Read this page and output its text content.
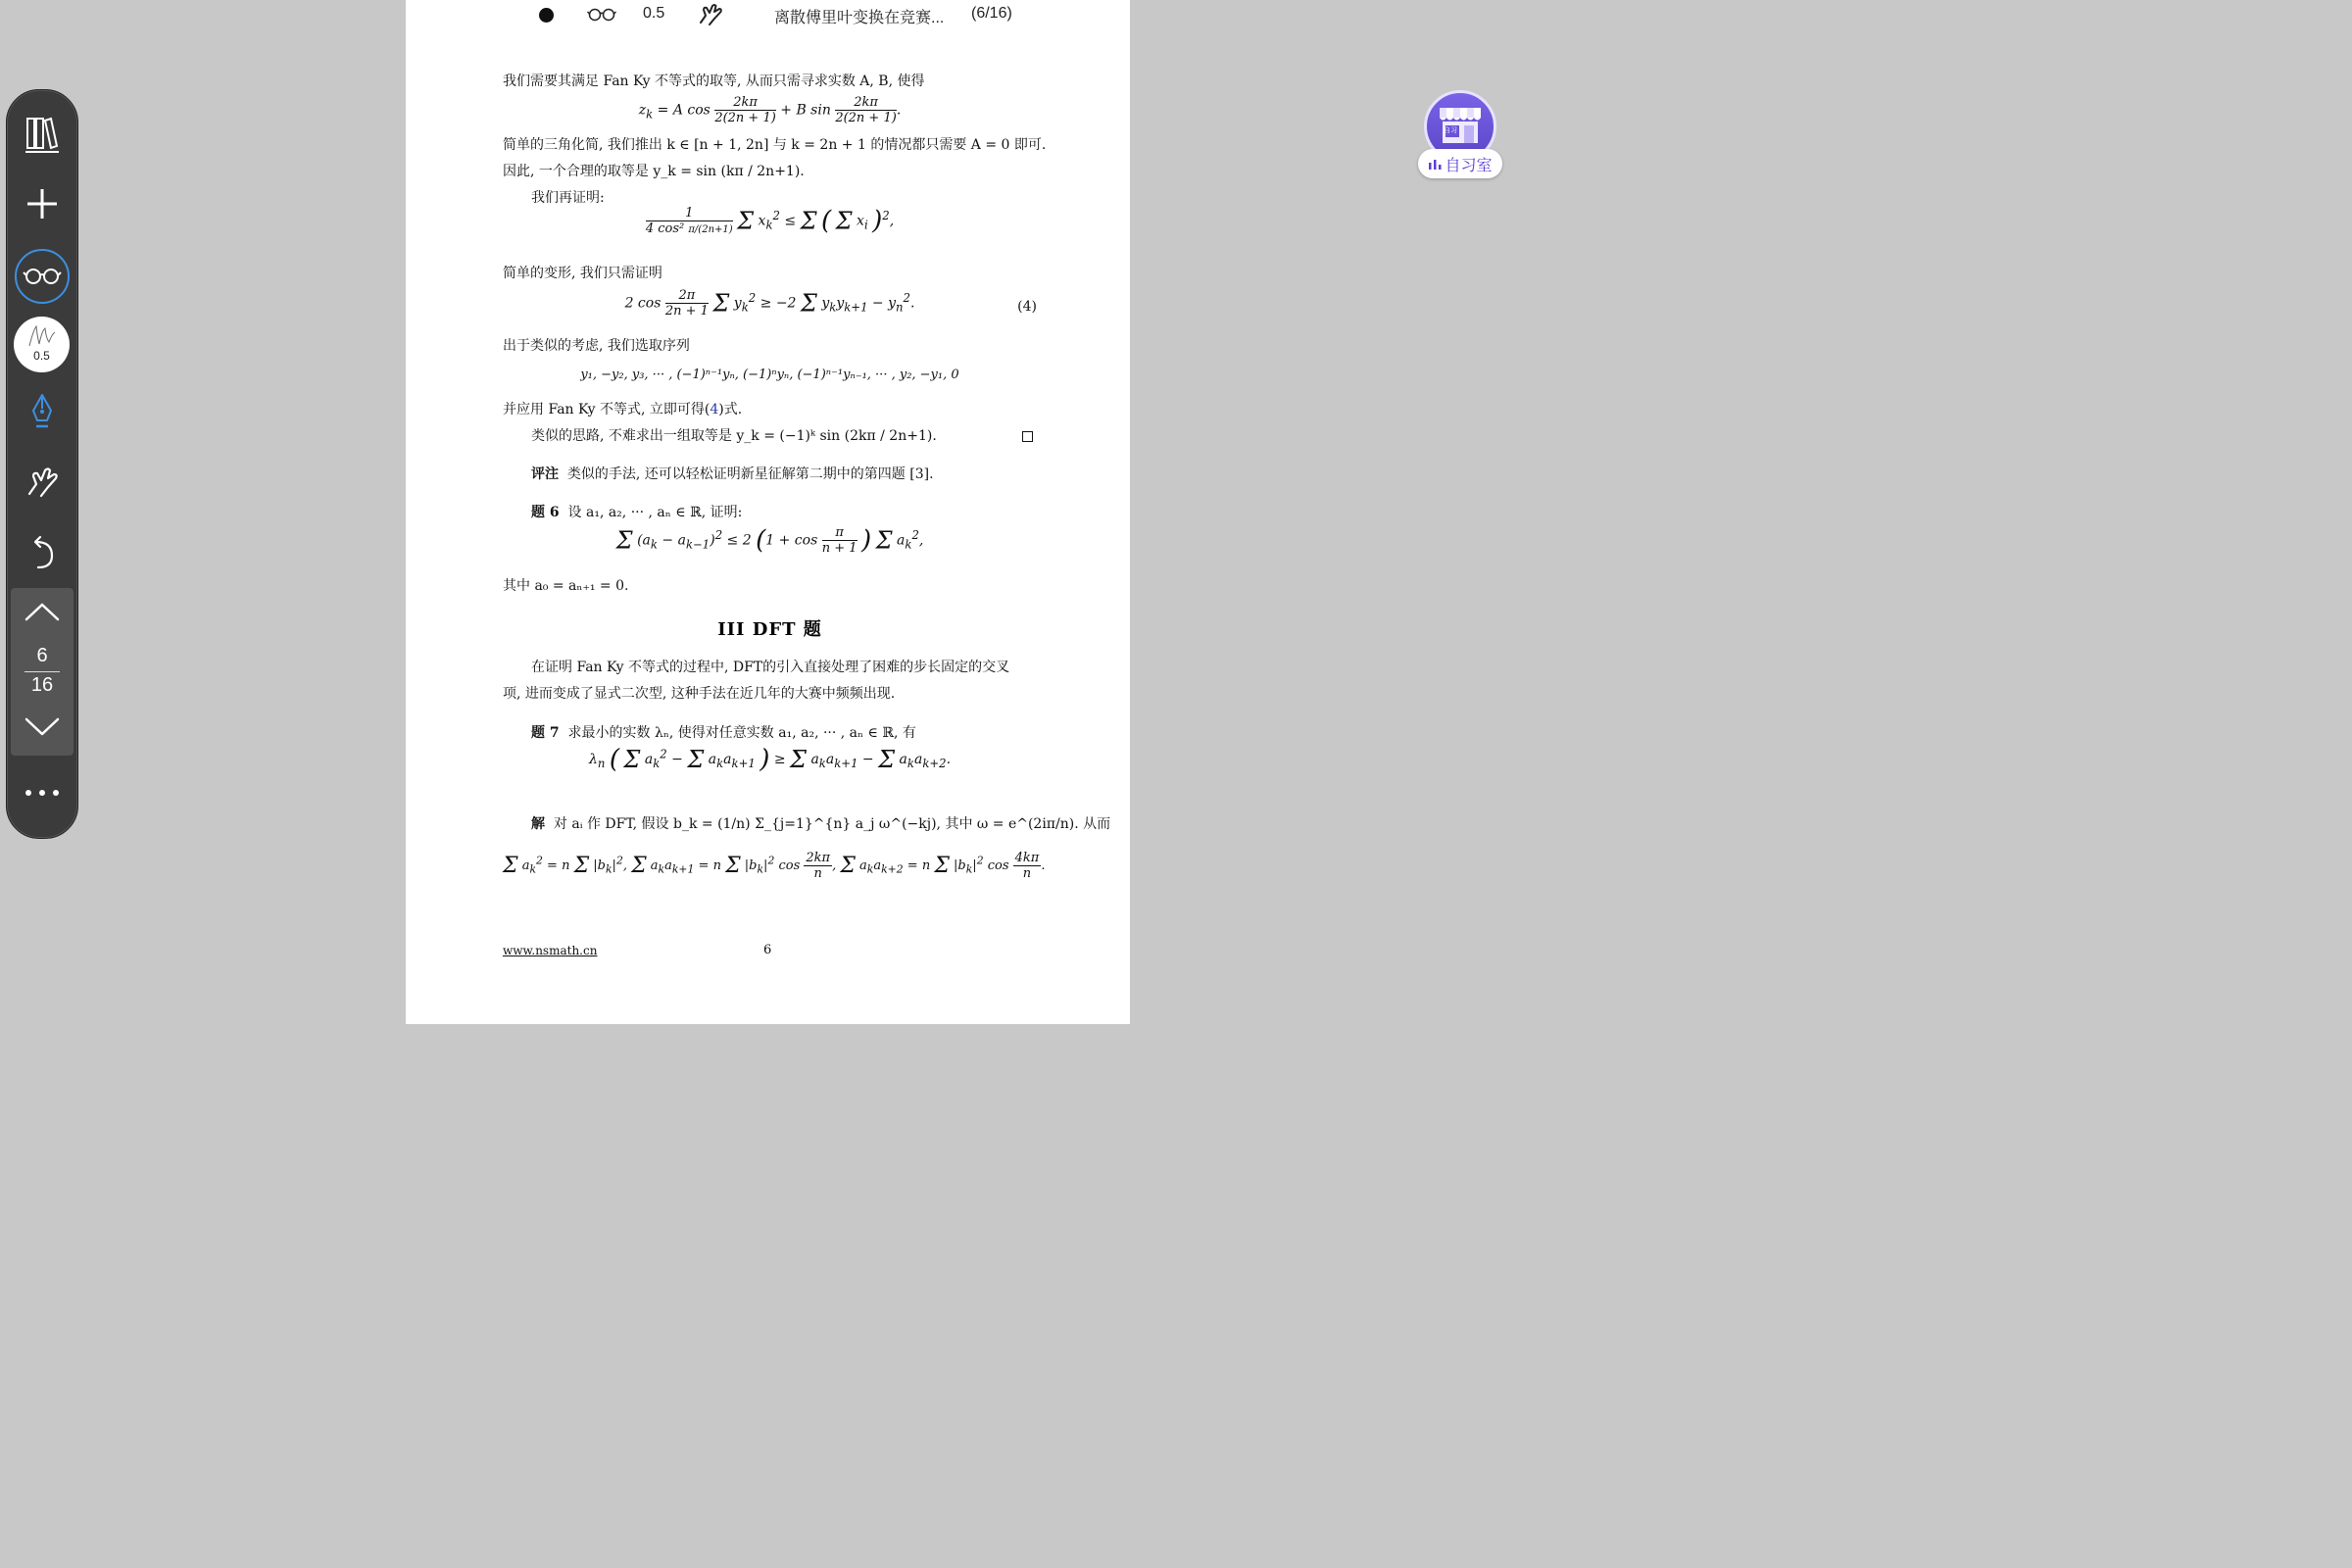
我们需要其满足 Fan Ky 不等式的取等, 从而只需寻求实数 A, B, 使得
$z_k = A$ $\cos \frac{2k\pi}{2(2n + 1)} + B$ $\sin \frac{2k\pi}{2(2n + 1)}$ .
简单的三角化简, 我们推出 k ∈ [n + 1, 2n] 与 k = 2n + 1 的情况都只需要 A = 0 即可.
因此, 一个合理的取等是 y_k = sin (kπ / 2n+1).
我们再证明:
$\frac{1}{\text{4 cos² π/(2n+1)}}$ Σ $x_k^2 \le \Sigma$ ( Σ $x_i$ )$^2$,
简单的变形, 我们只需证明
2 $\cos \frac{2\pi}{2n + 1}$ Σ $y_k^2 \ge -2$ Σ $y_ky_{k+1} - y_n^2$.	(4)
出于类似的考虑, 我们选取序列
y₁, −y₂, y₃, ··· , (−1)ⁿ⁻¹yₙ, (−1)ⁿyₙ, (−1)ⁿ⁻¹yₙ₋₁, ··· , y₂, −y₁, 0
并应用 Fan Ky 不等式, 立即可得(4)式.
类似的思路, 不难求出一组取等是 y_k = (−1)ᵏ sin (2kπ / 2n+1).
评注 类似的手法, 还可以轻松证明新星征解第二期中的第四题 [3].
题 6 设 a₁, a₂, ··· , aₙ ∈ ℝ, 证明:
Σ $(a_k - a_{k-1})^2 \le 2$ ($1 + \cos \frac{\pi}{n + 1}$ ) Σ $a_k^2$,
其中 a₀ = aₙ₊₁ = 0.
III DFT 题
在证明 Fan Ky 不等式的过程中, DFT的引入直接处理了困难的步长固定的交叉
项, 进而变成了显式二次型, 这种手法在近几年的大赛中频频出现.
题 7 求最小的实数 λₙ, 使得对任意实数 a₁, a₂, ··· , aₙ ∈ ℝ, 有
$\lambda_n$ ( Σ $a_k^2 - \Sigma$ $a_ka_{k+1}$ ) ≥ Σ $a_ka_{k+1} - \Sigma$ $a_ka_{k+2}$.
解 对 aᵢ 作 DFT, 假设 b_k = (1/n) Σ_{j=1}^{n} a_j ω^(−kj), 其中 ω = e^(2iπ/n). 从而
Σ $a_k^2 = n$ Σ $|b_k|^2$, Σ $a_ka_{k+1} = n$ Σ $|b_k|^2$ $\cos \frac{2k\pi}{n}$ , Σ $a_ka_{k+2} = n$ Σ $|b_k|^2$ $\cos \frac{4k\pi}{n}$ .
www.nsmath.cn	6
0.5	离散傅里叶变换在竞赛... (6/16)
0.5
6
16
自习
自习室
